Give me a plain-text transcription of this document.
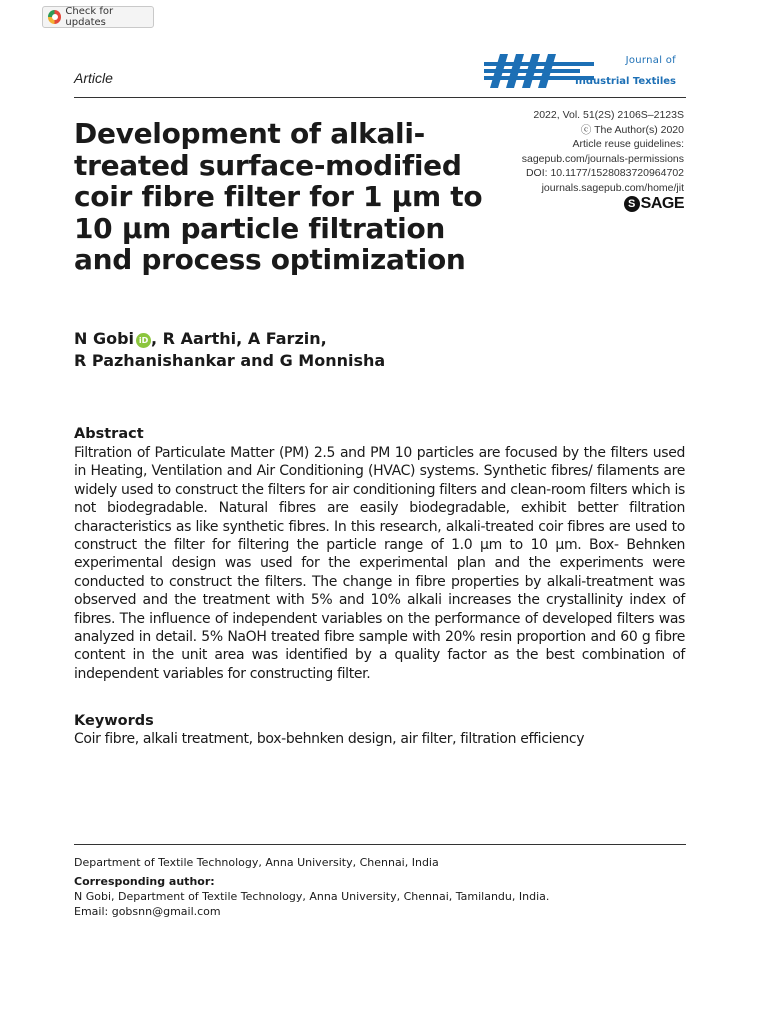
Check for updates
Article
Journal of
Industrial Textiles
2022, Vol. 51(2S) 2106S–2123S
ⓒ The Author(s) 2020
Article reuse guidelines:
sagepub.com/journals-permissions
DOI: 10.1177/1528083720964702
journals.sagepub.com/home/jit
S SAGE
Development of alkali-treated surface-modified coir fibre filter for 1 μm to 10 μm particle filtration and process optimization
N Gobi iD , R Aarthi, A Farzin,
R Pazhanishankar and G Monnisha
Abstract

Filtration of Particulate Matter (PM) 2.5 and PM 10 particles are focused by the filters used in Heating, Ventilation and Air Conditioning (HVAC) systems. Synthetic fibres/ filaments are widely used to construct the filters for air conditioning filters and clean-room filters which is not biodegradable. Natural fibres are easily biodegradable, exhibit better filtration characteristics as like synthetic fibres. In this research, alkali-treated coir fibres are used to construct the filter for filtering the particle range of 1.0 μm to 10 μm. Box- Behnken experimental design was used for the experimental plan and the experiments were conducted to construct the filters. The change in fibre properties by alkali-treatment was observed and the treatment with 5% and 10% alkali increases the crystallinity index of fibres. The influence of independent variables on the performance of developed filters was analyzed in detail. 5% NaOH treated fibre sample with 20% resin proportion and 60 g fibre content in the unit area was identified by a quality factor as the best combination of independent variables for constructing filter.

Keywords
Coir fibre, alkali treatment, box-behnken design, air filter, filtration efficiency
Department of Textile Technology, Anna University, Chennai, India
Corresponding author:
N Gobi, Department of Textile Technology, Anna University, Chennai, Tamilandu, India.
Email: gobsnn@gmail.com
